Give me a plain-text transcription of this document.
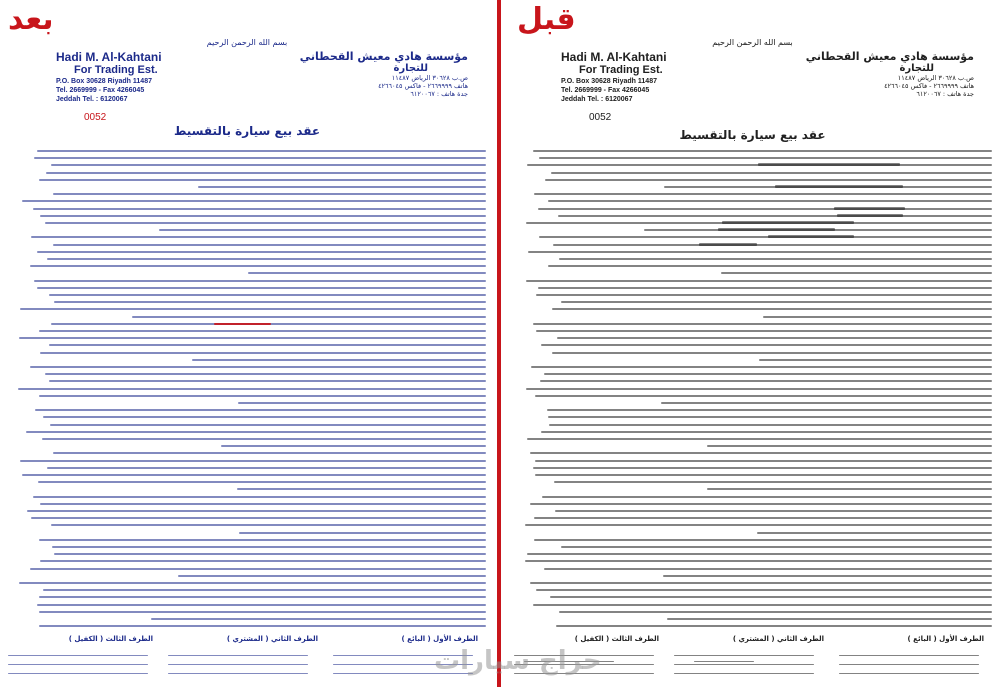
بعد
بسم الله الرحمن الرحيم
Hadi M. Al-Kahtani
For Trading Est.
P.O. Box 30628 Riyadh 11487
Tel. 2669999 - Fax 4266045
Jeddah Tel. : 6120067
مؤسسة هادي معيش القحطاني
للتجارة
ص.ب ٣٠٦٢٨ الرياض ١١٤٨٧
هاتف ٢٦٦٩٩٩٩ - فاكس ٤٢٦٦٠٤٥
جدة هاتف : ٦١٢٠٠٦٧
0052
عقد بيع سيارة بالتقسيط
الطرف الأول ( البائع )
الطرف الثاني ( المشتري )
الطرف الثالث ( الكفيل )
قبل
بسم الله الرحمن الرحيم
Hadi M. Al-Kahtani
For Trading Est.
P.O. Box 30628 Riyadh 11487
Tel. 2669999 - Fax 4266045
Jeddah Tel. : 6120067
مؤسسة هادي معيش القحطاني
للتجارة
ص.ب ٣٠٦٢٨ الرياض ١١٤٨٧
هاتف ٢٦٦٩٩٩٩ - فاكس ٤٢٦٦٠٤٥
جدة هاتف : ٦١٢٠٠٦٧
0052
عقد بيع سيارة بالتقسيط
الطرف الأول ( البائع )
الطرف الثاني ( المشتري )
الطرف الثالث ( الكفيل )
حراج سيارات
